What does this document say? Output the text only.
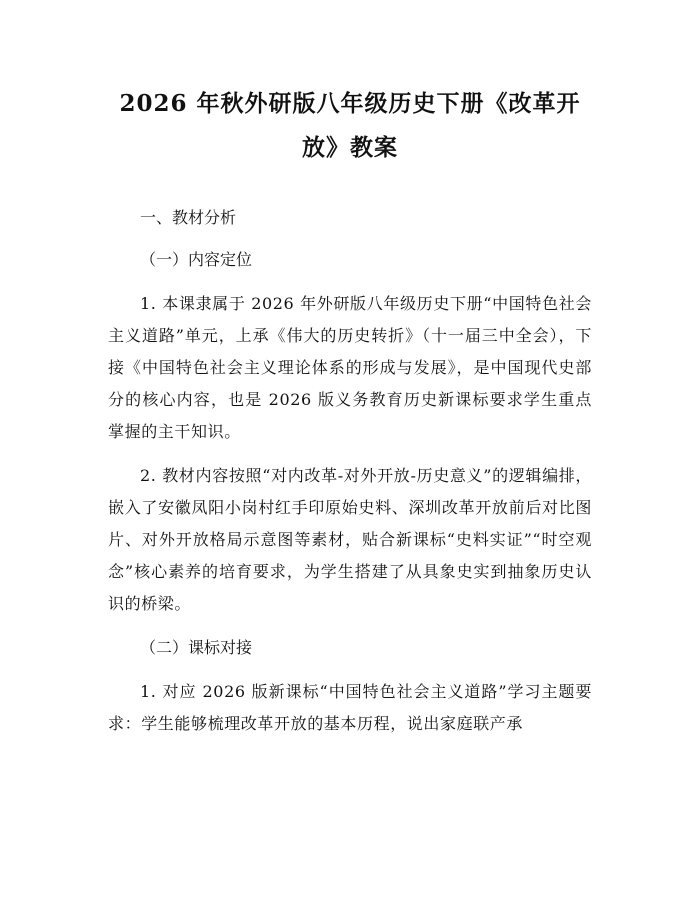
2026 年秋外研版八年级历史下册《改革开
放》教案

一、教材分析

（一）内容定位

1. 本课隶属于 2026 年外研版八年级历史下册“中国特色社会主义道路”单元，上承《伟大的历史转折》（十一届三中全会），下接《中国特色社会主义理论体系的形成与发展》，是中国现代史部分的核心内容，也是 2026 版义务教育历史新课标要求学生重点掌握的主干知识。

2. 教材内容按照“对内改革-对外开放-历史意义”的逻辑编排，嵌入了安徽凤阳小岗村红手印原始史料、深圳改革开放前后对比图片、对外开放格局示意图等素材，贴合新课标“史料实证”“时空观念”核心素养的培育要求，为学生搭建了从具象史实到抽象历史认识的桥梁。

（二）课标对接

1. 对应 2026 版新课标“中国特色社会主义道路”学习主题要求：学生能够梳理改革开放的基本历程，说出家庭联产承
